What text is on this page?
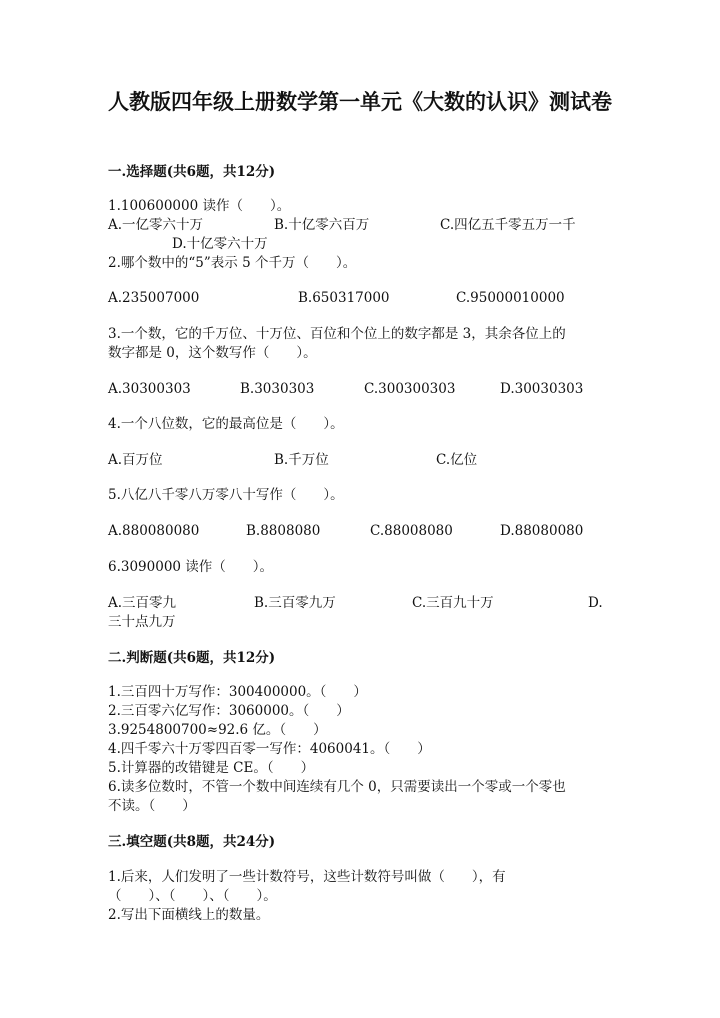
人教版四年级上册数学第一单元《大数的认识》测试卷
一.选择题(共6题，共12分)
1.100600000 读作（　　）。
A.一亿零六十万	B.十亿零六百万	C.四亿五千零五万一千
D.十亿零六十万
2.哪个数中的“5”表示 5 个千万（　　）。
A.235007000	B.650317000	C.95000010000
3.一个数，它的千万位、十万位、百位和个位上的数字都是 3，其余各位上的
数字都是 0，这个数写作（　　）。
A.30300303	B.3030303	C.300300303	D.30030303
4.一个八位数，它的最高位是（　　）。
A.百万位	B.千万位	C.亿位
5.八亿八千零八万零八十写作（　　）。
A.880080080	B.8808080	C.88008080	D.88080080
6.3090000 读作（　　）。
A.三百零九	B.三百零九万	C.三百九十万	D.
三十点九万
二.判断题(共6题，共12分)
1.三百四十万写作：300400000。（　　）
2.三百零六亿写作：3060000。（　　）
3.9254800700≈92.6 亿。（　　）
4.四千零六十万零四百零一写作：4060041。（　　）
5.计算器的改错键是 CE。（　　）
6.读多位数时，不管一个数中间连续有几个 0，只需要读出一个零或一个零也
不读。（　　）
三.填空题(共8题，共24分)
1.后来，人们发明了一些计数符号，这些计数符号叫做（　　），有
（　　）、（　　）、（　　）。
2.写出下面横线上的数量。
